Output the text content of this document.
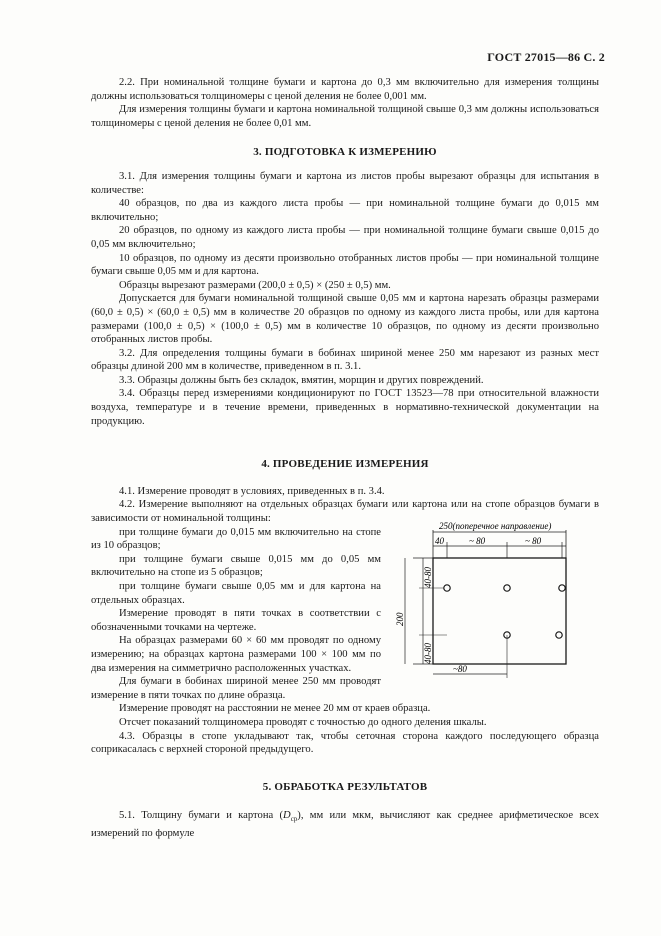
ГОСТ 27015—86 С. 2

2.2. При номинальной толщине бумаги и картона до 0,3 мм включительно для измерения толщины должны использоваться толщиномеры с ценой деления не более 0,001 мм.

Для измерения толщины бумаги и картона номинальной толщиной свыше 0,3 мм должны использоваться толщиномеры с ценой деления не более 0,01 мм.

3. ПОДГОТОВКА К ИЗМЕРЕНИЮ

3.1. Для измерения толщины бумаги и картона из листов пробы вырезают образцы для испытания в количестве:

40 образцов, по два из каждого листа пробы — при номинальной толщине бумаги до 0,015 мм включительно;

20 образцов, по одному из каждого листа пробы — при номинальной толщине бумаги свыше 0,015 до 0,05 мм включительно;

10 образцов, по одному из десяти произвольно отобранных листов пробы — при номинальной толщине бумаги свыше 0,05 мм и для картона.

Образцы вырезают размерами (200,0 ± 0,5) × (250 ± 0,5) мм.

Допускается для бумаги номинальной толщиной свыше 0,05 мм и картона нарезать образцы размерами (60,0 ± 0,5) × (60,0 ± 0,5) мм в количестве 20 образцов по одному из каждого листа пробы, или для картона размерами (100,0 ± 0,5) × (100,0 ± 0,5) мм в количестве 10 образцов, по одному из десяти произвольно отобранных листов пробы.

3.2. Для определения толщины бумаги в бобинах шириной менее 250 мм нарезают из разных мест образцы длиной 200 мм в количестве, приведенном в п. 3.1.

3.3. Образцы должны быть без складок, вмятин, морщин и других повреждений.

3.4. Образцы перед измерениями кондиционируют по ГОСТ 13523—78 при относительной влажности воздуха, температуре и в течение времени, приведенных в нормативно-технической документации на продукцию.

4. ПРОВЕДЕНИЕ ИЗМЕРЕНИЯ

4.1. Измерение проводят в условиях, приведенных в п. 3.4.

4.2. Измерение выполняют на отдельных образцах бумаги или картона или на стопе образцов бумаги в зависимости от номинальной толщины:

при толщине бумаги до 0,015 мм включительно на стопе из 10 образцов;

при толщине бумаги свыше 0,015 мм до 0,05 мм включительно на стопе из 5 образцов;

при толщине бумаги свыше 0,05 мм и для картона на отдельных образцах.

Измерение проводят в пяти точках в соответствии с обозначенными точками на чертеже.

На образцах размерами 60 × 60 мм проводят по одному измерению; на образцах картона размерами 100 × 100 мм по два измерения на симметрично расположенных участках.

Для бумаги в бобинах шириной менее 250 мм проводят измерение в пяти точках по длине образца.

Измерение проводят на расстоянии не менее 20 мм от краев образца.

Отсчет показаний толщиномера проводят с точностью до одного деления шкалы.

4.3. Образцы в стопе укладывают так, чтобы сеточная сторона каждого последующего образца соприкасалась с верхней стороной предыдущего.

5. ОБРАБОТКА РЕЗУЛЬТАТОВ

5.1. Толщину бумаги и картона $(D_{ср})$, мм или мкм, вычисляют как среднее арифметическое всех измерений по формуле

250(поперечное направление)
40	~ 80	~ 80
40-80
200
40-80
~80
